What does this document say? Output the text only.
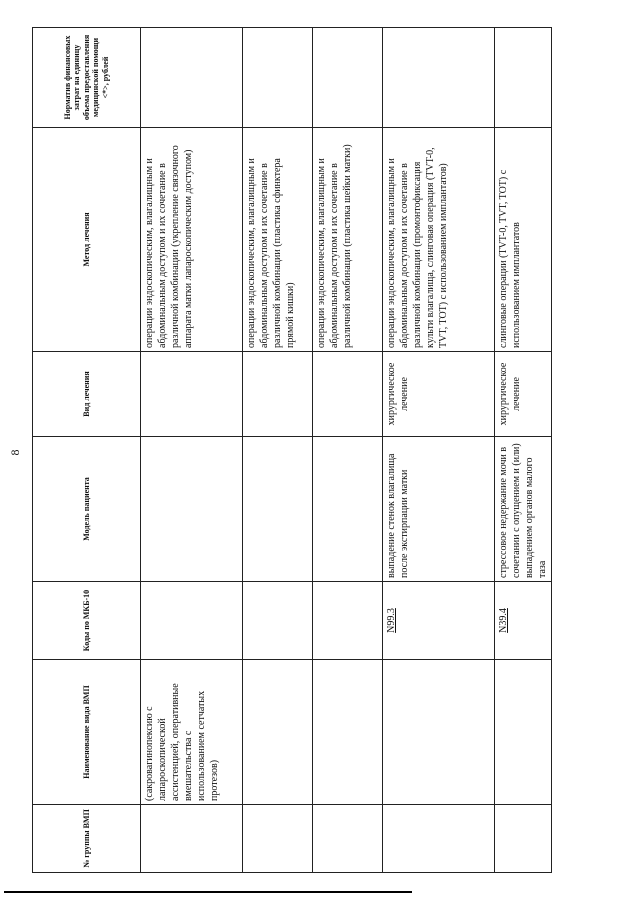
8
№ группы ВМП	Наименование вида ВМП	Коды по МКБ-10	Модель пациента	Вид лечения	Метод лечения	Норматив финансовых затрат на единицу объема предоставления медицинской помощи <*>, рублей
	(сакровагинопексию с лапароскопической ассистенцией, оперативные вмешательства с использованием сетчатых протезов)				операции эндоскопическим, влагалищным и абдоминальным доступом и их сочетание в различной комбинации (укрепление связочного аппарата матки лапароскопическим доступом)	
					операции эндоскопическим, влагалищным и абдоминальным доступом и их сочетание в различной комбинации (пластика сфинктера прямой кишки)	
					операции эндоскопическим, влагалищным и абдоминальным доступом и их сочетание в различной комбинации (пластика шейки матки)	
		N99.3	выпадение стенок влагалища после экстирпации матки	хирургическое лечение	операции эндоскопическим, влагалищным и абдоминальным доступом и их сочетание в различной комбинации (промонтофиксация культи влагалища, слинговая операция (TVT-0, TVT, TOT) с использованием имплантатов)	
		N39.4	стрессовое недержание мочи в сочетании с опущением и (или) выпадением органов малого таза	хирургическое лечение	слинговые операции (TVT-0, TVT, TOT) с использованием имплантатов	
